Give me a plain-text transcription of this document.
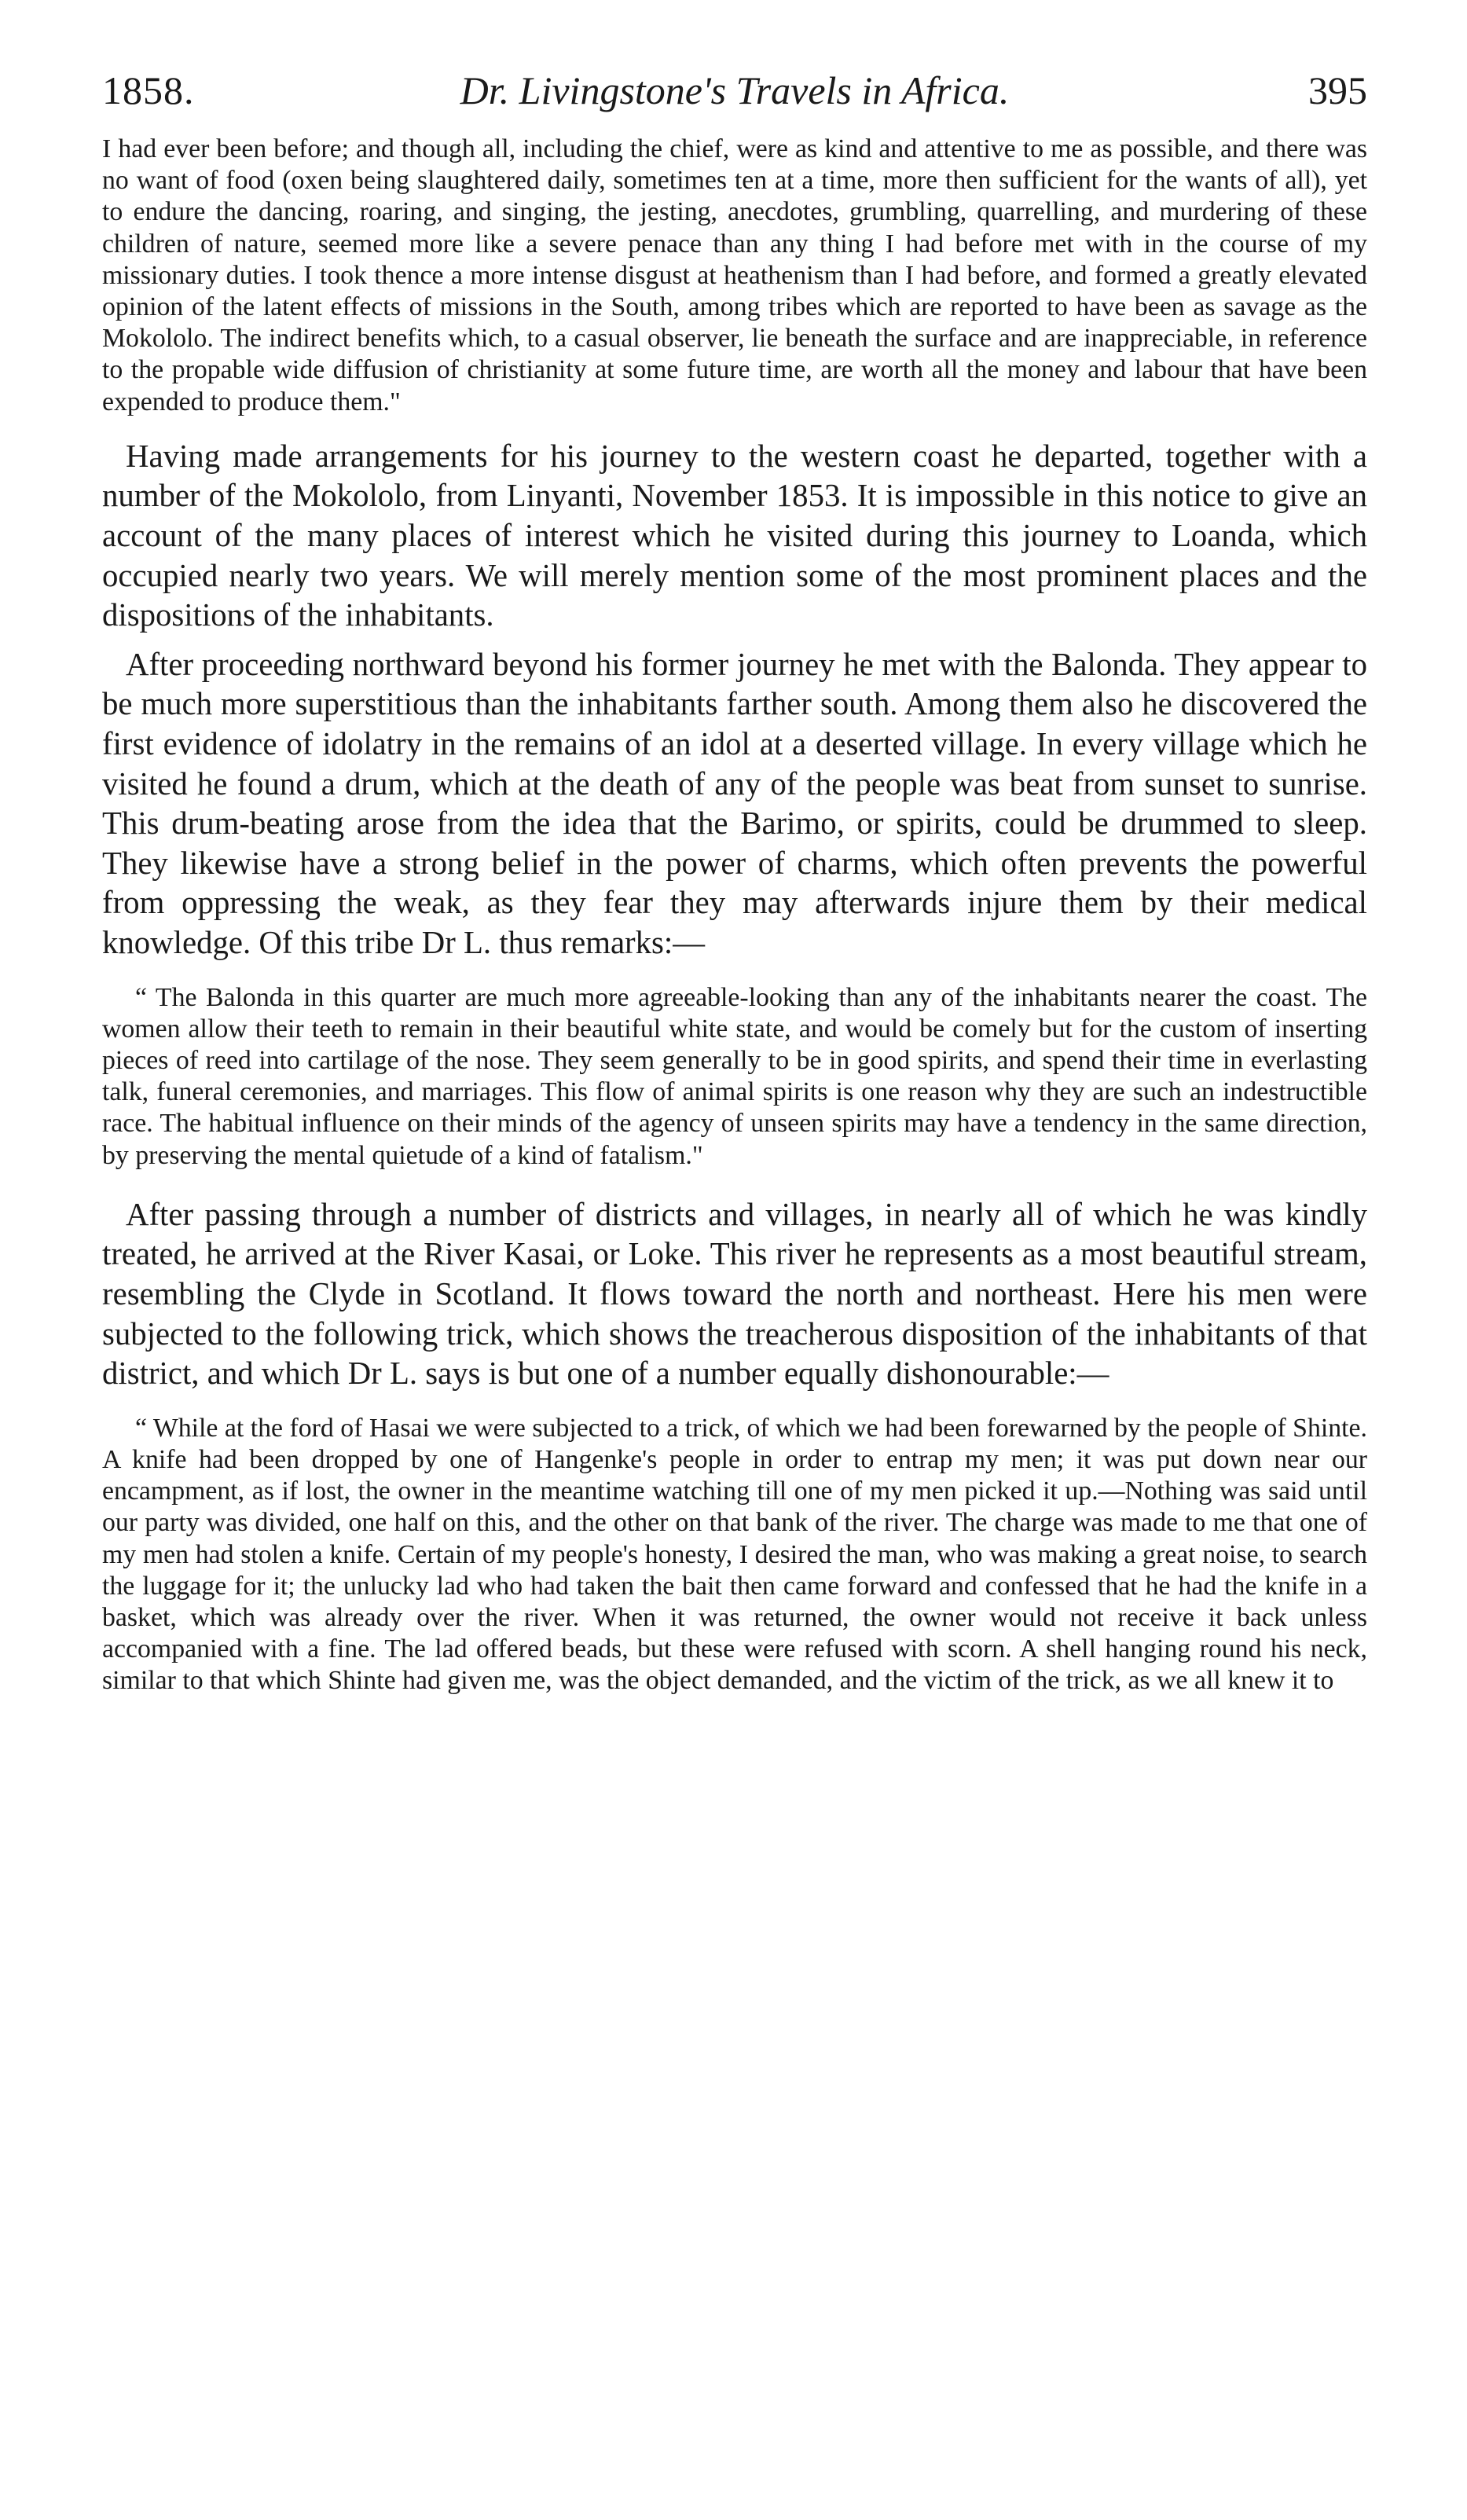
1858.	Dr. Livingstone's Travels in Africa.	395

I had ever been before; and though all, including the chief, were as kind and attentive to me as possible, and there was no want of food (oxen being slaughtered daily, sometimes ten at a time, more then sufficient for the wants of all), yet to endure the dancing, roaring, and singing, the jesting, anecdotes, grumbling, quarrelling, and murdering of these children of nature, seemed more like a severe penace than any thing I had before met with in the course of my missionary duties. I took thence a more intense disgust at heathenism than I had before, and formed a greatly elevated opinion of the latent effects of missions in the South, among tribes which are reported to have been as savage as the Mokololo. The indirect benefits which, to a casual observer, lie beneath the surface and are inappreciable, in reference to the propable wide diffusion of christianity at some future time, are worth all the money and labour that have been expended to produce them."

Having made arrangements for his journey to the western coast he departed, together with a number of the Mokololo, from Linyanti, November 1853. It is impossible in this notice to give an account of the many places of interest which he visited during this journey to Loanda, which occupied nearly two years. We will merely mention some of the most prominent places and the dispositions of the inhabitants.

After proceeding northward beyond his former journey he met with the Balonda. They appear to be much more superstitious than the inhabitants farther south. Among them also he discovered the first evidence of idolatry in the remains of an idol at a deserted village. In every village which he visited he found a drum, which at the death of any of the people was beat from sunset to sunrise. This drum-beating arose from the idea that the Barimo, or spirits, could be drummed to sleep. They likewise have a strong belief in the power of charms, which often prevents the powerful from oppressing the weak, as they fear they may afterwards injure them by their medical knowledge. Of this tribe Dr L. thus remarks:—

“ The Balonda in this quarter are much more agreeable-looking than any of the inhabitants nearer the coast. The women allow their teeth to remain in their beautiful white state, and would be comely but for the custom of inserting pieces of reed into cartilage of the nose. They seem generally to be in good spirits, and spend their time in everlasting talk, funeral ceremonies, and marriages. This flow of animal spirits is one reason why they are such an indestructible race. The habitual influence on their minds of the agency of unseen spirits may have a tendency in the same direction, by preserving the mental quietude of a kind of fatalism."

After passing through a number of districts and villages, in nearly all of which he was kindly treated, he arrived at the River Kasai, or Loke. This river he represents as a most beautiful stream, resembling the Clyde in Scotland. It flows toward the north and northeast. Here his men were subjected to the following trick, which shows the treacherous disposition of the inhabitants of that district, and which Dr L. says is but one of a number equally dishonourable:—

“ While at the ford of Hasai we were subjected to a trick, of which we had been forewarned by the people of Shinte. A knife had been dropped by one of Hangenke's people in order to entrap my men; it was put down near our encampment, as if lost, the owner in the meantime watching till one of my men picked it up.—Nothing was said until our party was divided, one half on this, and the other on that bank of the river. The charge was made to me that one of my men had stolen a knife. Certain of my people's honesty, I desired the man, who was making a great noise, to search the luggage for it; the unlucky lad who had taken the bait then came forward and confessed that he had the knife in a basket, which was already over the river. When it was returned, the owner would not receive it back unless accompanied with a fine. The lad offered beads, but these were refused with scorn. A shell hanging round his neck, similar to that which Shinte had given me, was the object demanded, and the victim of the trick, as we all knew it to
